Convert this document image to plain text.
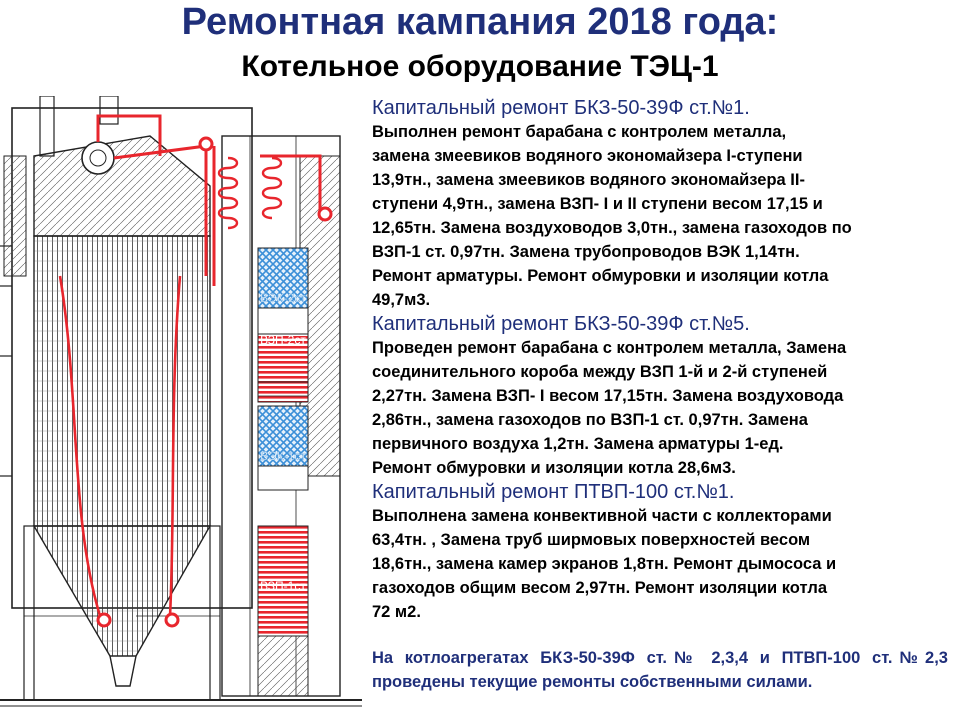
Ремонтная кампания 2018 года:
Котельное оборудование ТЭЦ-1
ВЭК-2ст
ВЗП-2ст
ВЭК-1ст
ВЗП-1ст

Капитальный ремонт БКЗ-50-39Ф ст.№1.

Выполнен ремонт барабана с контролем металла,
замена змеевиков водяного экономайзера I-ступени
13,9тн., замена змеевиков водяного экономайзера II-
ступени 4,9тн., замена ВЗП- I и II ступени весом 17,15 и
12,65тн. Замена воздуховодов 3,0тн., замена газоходов по
ВЗП-1 ст. 0,97тн. Замена трубопроводов ВЭК 1,14тн.
Ремонт арматуры. Ремонт обмуровки и изоляции котла
49,7м3.

Капитальный ремонт БКЗ-50-39Ф ст.№5.

Проведен ремонт барабана с контролем металла, Замена
соединительного короба между ВЗП 1-й и 2-й ступеней
2,27тн. Замена ВЗП- I весом 17,15тн. Замена воздуховода
2,86тн., замена газоходов по ВЗП-1 ст. 0,97тн. Замена
первичного воздуха 1,2тн. Замена арматуры 1-ед.
Ремонт обмуровки и изоляции котла 28,6м3.

Капитальный ремонт ПТВП-100 ст.№1.

Выполнена замена конвективной части с коллекторами
63,4тн. , Замена труб ширмовых поверхностей весом
18,6тн., замена камер экранов 1,8тн. Ремонт дымососа и
газоходов общим весом 2,97тн. Ремонт изоляции котла
72 м2.

На котлоагрегатах БКЗ-50-39Ф ст.№ 2,3,4 и ПТВП-100 ст.№2,3 проведены текущие ремонты собственными силами.
